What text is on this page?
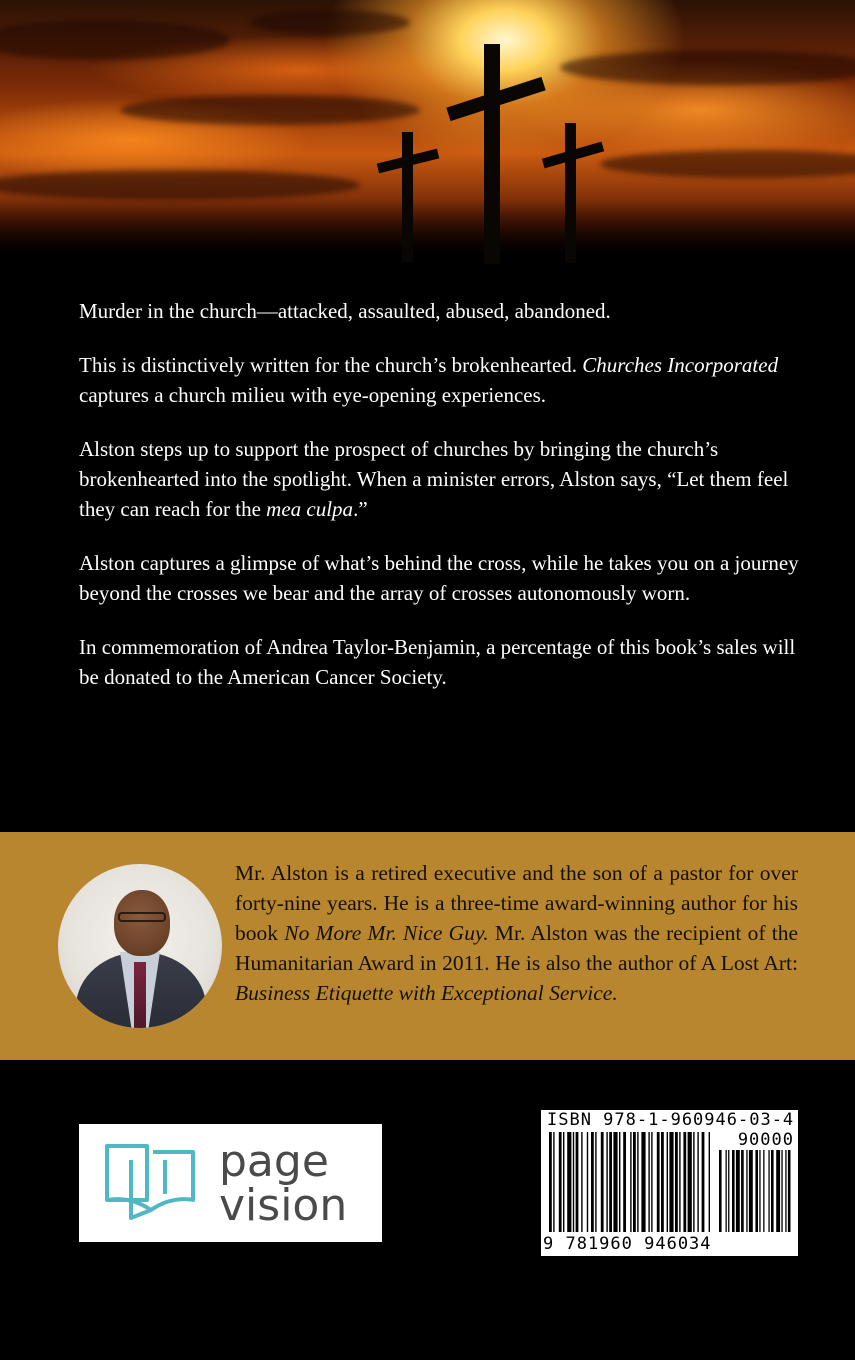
Murder in the church—attacked, assaulted, abused, abandoned.

This is distinctively written for the church’s brokenhearted. Churches Incorporated captures a church milieu with eye-opening experiences.

Alston steps up to support the prospect of churches by bringing the church’s brokenhearted into the spotlight. When a minister errors, Alston says, “Let them feel they can reach for the mea culpa.”

Alston captures a glimpse of what’s behind the cross, while he takes you on a journey beyond the crosses we bear and the array of crosses autonomously worn.

In commemoration of Andrea Taylor-Benjamin, a percentage of this book’s sales will be donated to the American Cancer Society.

Mr. Alston is a retired executive and the son of a pastor for over forty-nine years. He is a three-time award-winning author for his book No More Mr. Nice Guy. Mr. Alston was the recipient of the Humanitarian Award in 2011. He is also the author of A Lost Art: Business Etiquette with Exceptional Service.
page
vision
ISBN 978-1-960946-03-4
90000
9 781960 946034
